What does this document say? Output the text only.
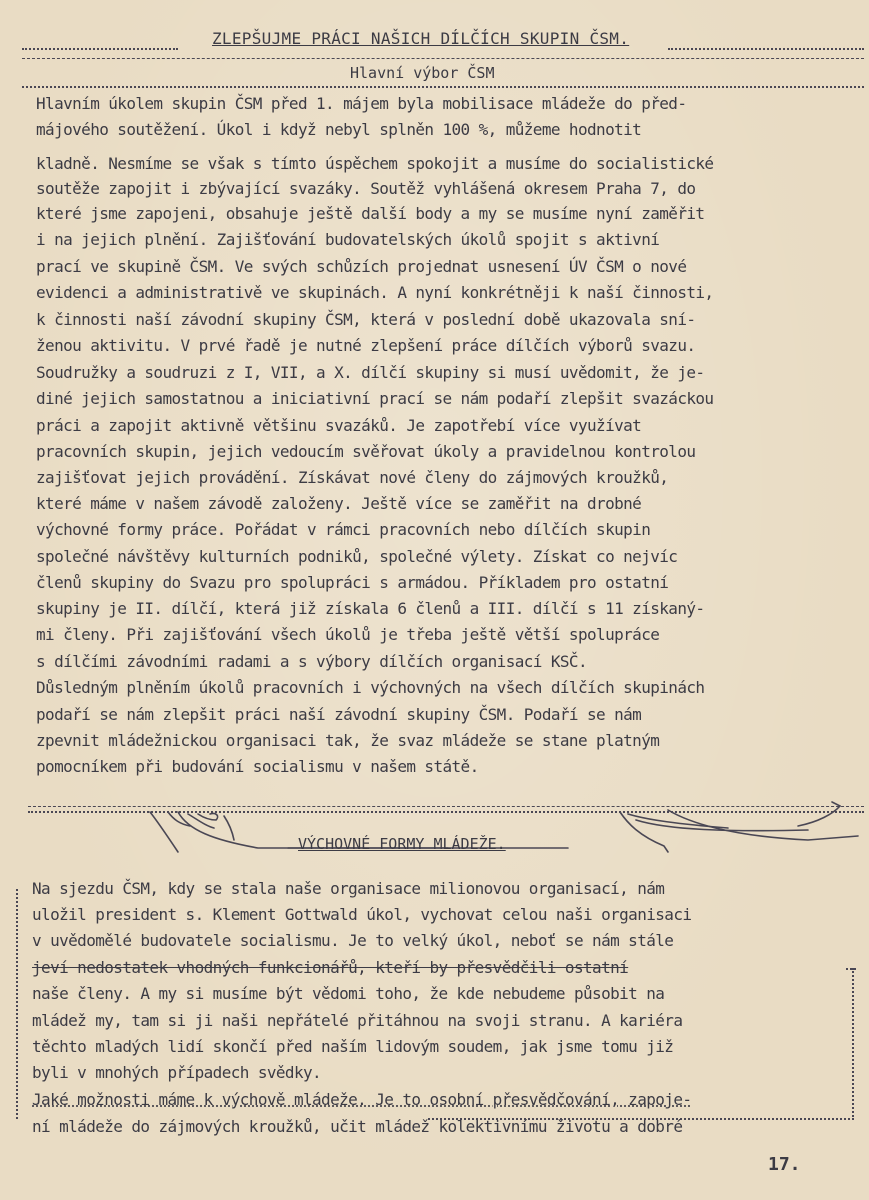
ZLEPŠUJME PRÁCI NAŠICH DÍLČÍCH SKUPIN ČSM.
Hlavní výbor ČSM
Hlavním úkolem skupin ČSM před 1. májem byla mobilisace mládeže do před-
májového soutěžení. Úkol i když nebyl splněn 100 %, můžeme hodnotit
kladně. Nesmíme se však s tímto úspěchem spokojit a musíme do socialistické
soutěže zapojit i zbývající svazáky. Soutěž vyhlášená okresem Praha 7, do
které jsme zapojeni, obsahuje ještě další body a my se musíme nyní zaměřit
i na jejich plnění. Zajišťování budovatelských úkolů spojit s aktivní
prací ve skupině ČSM. Ve svých schůzích projednat usnesení ÚV ČSM o nové
evidenci a administrativě ve skupinách. A nyní konkrétněji k naší činnosti,
k činnosti naší závodní skupiny ČSM, která v poslední době ukazovala sní-
ženou aktivitu. V prvé řadě je nutné zlepšení práce dílčích výborů svazu.
Soudružky a soudruzi z I, VII, a X. dílčí skupiny si musí uvědomit, že je-
diné jejich samostatnou a iniciativní prací se nám podaří zlepšit svazáckou
práci a zapojit aktivně většinu svazáků. Je zapotřebí více využívat
pracovních skupin, jejich vedoucím svěřovat úkoly a pravidelnou kontrolou
zajišťovat jejich provádění. Získávat nové členy do zájmových kroužků,
které máme v našem závodě založeny. Ještě více se zaměřit na drobné
výchovné formy práce. Pořádat v rámci pracovních nebo dílčích skupin
společné návštěvy kulturních podniků, společné výlety. Získat co nejvíc
členů skupiny do Svazu pro spolupráci s armádou. Příkladem pro ostatní
skupiny je II. dílčí, která již získala 6 členů a III. dílčí s 11 získaný-
mi členy. Při zajišťování všech úkolů je třeba ještě větší spolupráce
s dílčími závodními radami a s výbory dílčích organisací KSČ.
Důsledným plněním úkolů pracovních i výchovných na všech dílčích skupinách
podaří se nám zlepšit práci naší závodní skupiny ČSM. Podaří se nám
zpevnit mládežnickou organisaci tak, že svaz mládeže se stane platným
pomocníkem při budování socialismu v našem státě.
VÝCHOVNÉ FORMY MLÁDEŽE.
Na sjezdu ČSM, kdy se stala naše organisace milionovou organisací, nám
uložil president s. Klement Gottwald úkol, vychovat celou naši organisaci
v uvědomělé budovatele socialismu. Je to velký úkol, neboť se nám stále
jeví nedostatek vhodných funkcionářů, kteří by přesvědčili ostatní
naše členy. A my si musíme být vědomi toho, že kde nebudeme působit na
mládež my, tam si ji naši nepřátelé přitáhnou na svoji stranu. A kariéra
těchto mladých lidí skončí před naším lidovým soudem, jak jsme tomu již
byli v mnohých případech svědky.
Jaké možnosti máme k výchově mládeže. Je to osobní přesvědčování, zapoje-
ní mládeže do zájmových kroužků, učit mládež kolektivnímu životu a dobré
17.
